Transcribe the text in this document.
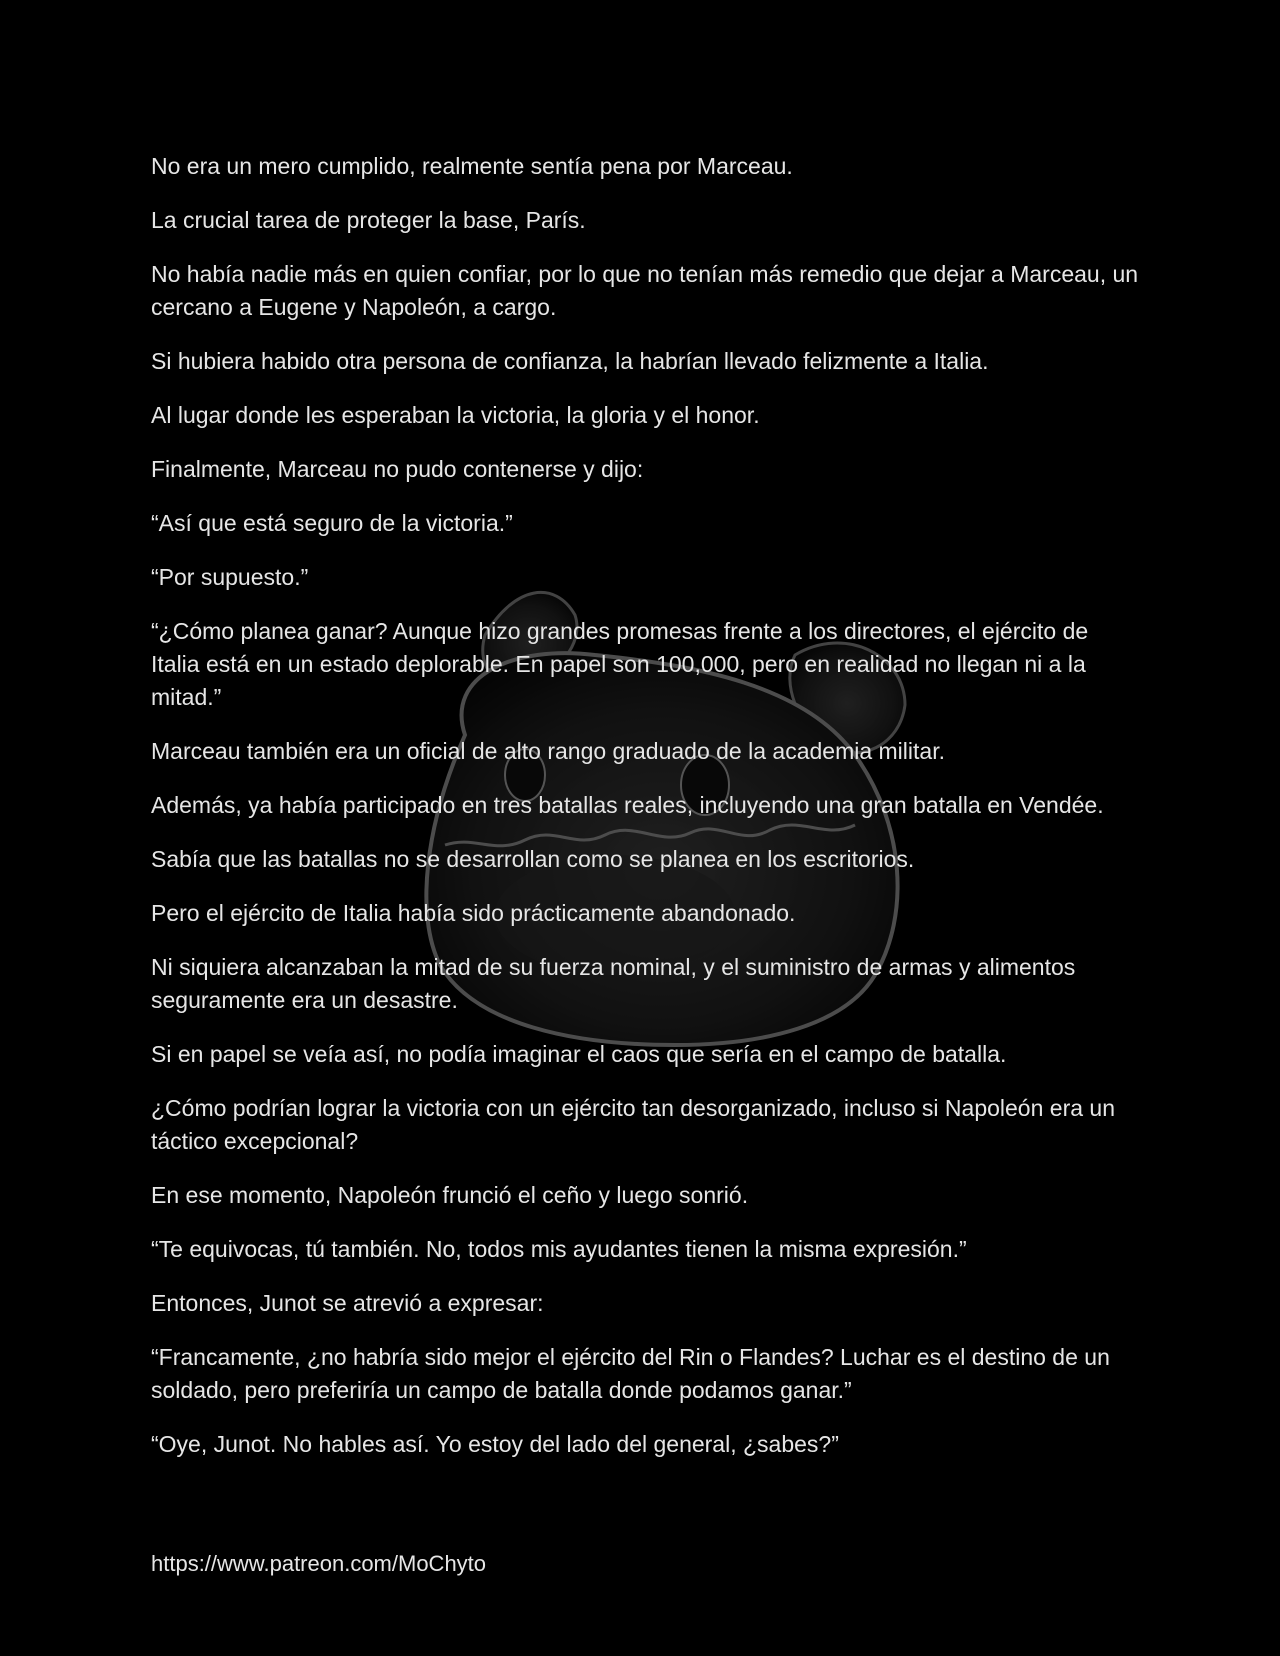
No era un mero cumplido, realmente sentía pena por Marceau.

La crucial tarea de proteger la base, París.

No había nadie más en quien confiar, por lo que no tenían más remedio que dejar a Marceau, un cercano a Eugene y Napoleón, a cargo.

Si hubiera habido otra persona de confianza, la habrían llevado felizmente a Italia.

Al lugar donde les esperaban la victoria, la gloria y el honor.

Finalmente, Marceau no pudo contenerse y dijo:

“Así que está seguro de la victoria.”

“Por supuesto.”

“¿Cómo planea ganar? Aunque hizo grandes promesas frente a los directores, el ejército de Italia está en un estado deplorable. En papel son 100,000, pero en realidad no llegan ni a la mitad.”

Marceau también era un oficial de alto rango graduado de la academia militar.

Además, ya había participado en tres batallas reales, incluyendo una gran batalla en Vendée.

Sabía que las batallas no se desarrollan como se planea en los escritorios.

Pero el ejército de Italia había sido prácticamente abandonado.

Ni siquiera alcanzaban la mitad de su fuerza nominal, y el suministro de armas y alimentos seguramente era un desastre.

Si en papel se veía así, no podía imaginar el caos que sería en el campo de batalla.

¿Cómo podrían lograr la victoria con un ejército tan desorganizado, incluso si Napoleón era un táctico excepcional?

En ese momento, Napoleón frunció el ceño y luego sonrió.

“Te equivocas, tú también. No, todos mis ayudantes tienen la misma expresión.”

Entonces, Junot se atrevió a expresar:

“Francamente, ¿no habría sido mejor el ejército del Rin o Flandes? Luchar es el destino de un soldado, pero preferiría un campo de batalla donde podamos ganar.”

“Oye, Junot. No hables así. Yo estoy del lado del general, ¿sabes?”

https://www.patreon.com/MoChyto
